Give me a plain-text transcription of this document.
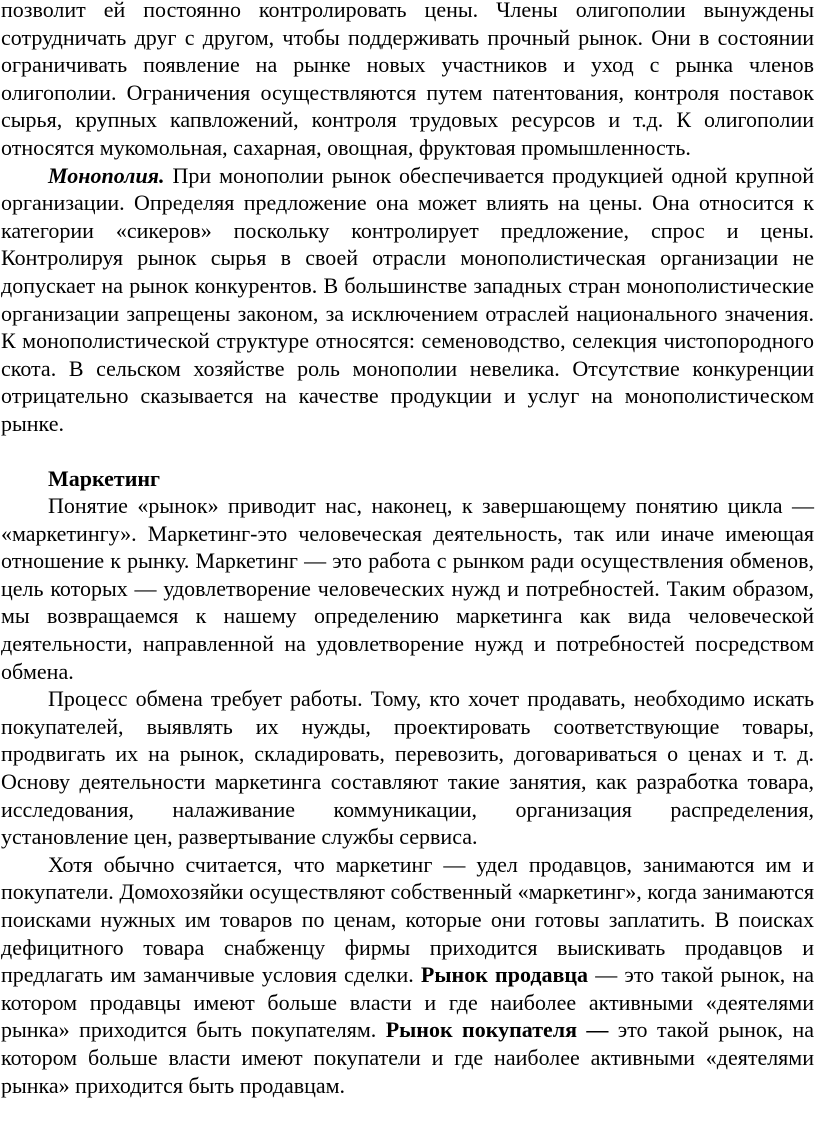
позволит ей постоянно контролировать цены. Члены олигополии вынуждены сотрудничать друг с другом, чтобы поддерживать прочный рынок. Они в состоянии ограничивать появление на рынке новых участников и уход с рынка членов олигополии. Ограничения осуществляются путем патентования, контроля поставок сырья, крупных капвложений, контроля трудовых ресурсов и т.д. К олигополии относятся мукомольная, сахарная, овощная, фруктовая промышленность.

Монополия. При монополии рынок обеспечивается продукцией одной крупной организации. Определяя предложение она может влиять на цены. Она относится к категории «сикеров» поскольку контролирует предложение, спрос и цены. Контролируя рынок сырья в своей отрасли монополистическая организации не допускает на рынок конкурентов. В большинстве западных стран монополистические организации запрещены законом, за исключением отраслей национального значения. К монополистической структуре относятся: семеноводство, селекция чистопородного скота. В сельском хозяйстве роль монополии невелика. Отсутствие конкуренции отрицательно сказывается на качестве продукции и услуг на монополистическом рынке.

Маркетинг

Понятие «рынок» приводит нас, наконец, к завершающему понятию цикла — «маркетингу». Маркетинг-это человеческая деятельность, так или иначе имеющая отношение к рынку. Маркетинг — это работа с рынком ради осуществления обменов, цель которых — удовлетворение человеческих нужд и потребностей. Таким образом, мы возвращаемся к нашему определению маркетинга как вида человеческой деятельности, направленной на удовлетворение нужд и потребностей посредством обмена.

Процесс обмена требует работы. Тому, кто хочет продавать, необходимо искать покупателей, выявлять их нужды, проектировать соответствующие товары, продвигать их на рынок, складировать, перевозить, договариваться о ценах и т. д. Основу деятельности маркетинга составляют такие занятия, как разработка товара, исследования, налаживание коммуникации, организация распределения, установление цен, развертывание службы сервиса.

Хотя обычно считается, что маркетинг — удел продавцов, занимаются им и покупатели. Домохозяйки осуществляют собственный «маркетинг», когда занимаются поисками нужных им товаров по ценам, которые они готовы заплатить. В поисках дефицитного товара снабженцу фирмы приходится выискивать продавцов и предлагать им заманчивые условия сделки. Рынок продавца — это такой рынок, на котором продавцы имеют больше власти и где наиболее активными «деятелями рынка» приходится быть покупателям. Рынок покупателя — это такой рынок, на котором больше власти имеют покупатели и где наиболее активными «деятелями рынка» приходится быть продавцам.
